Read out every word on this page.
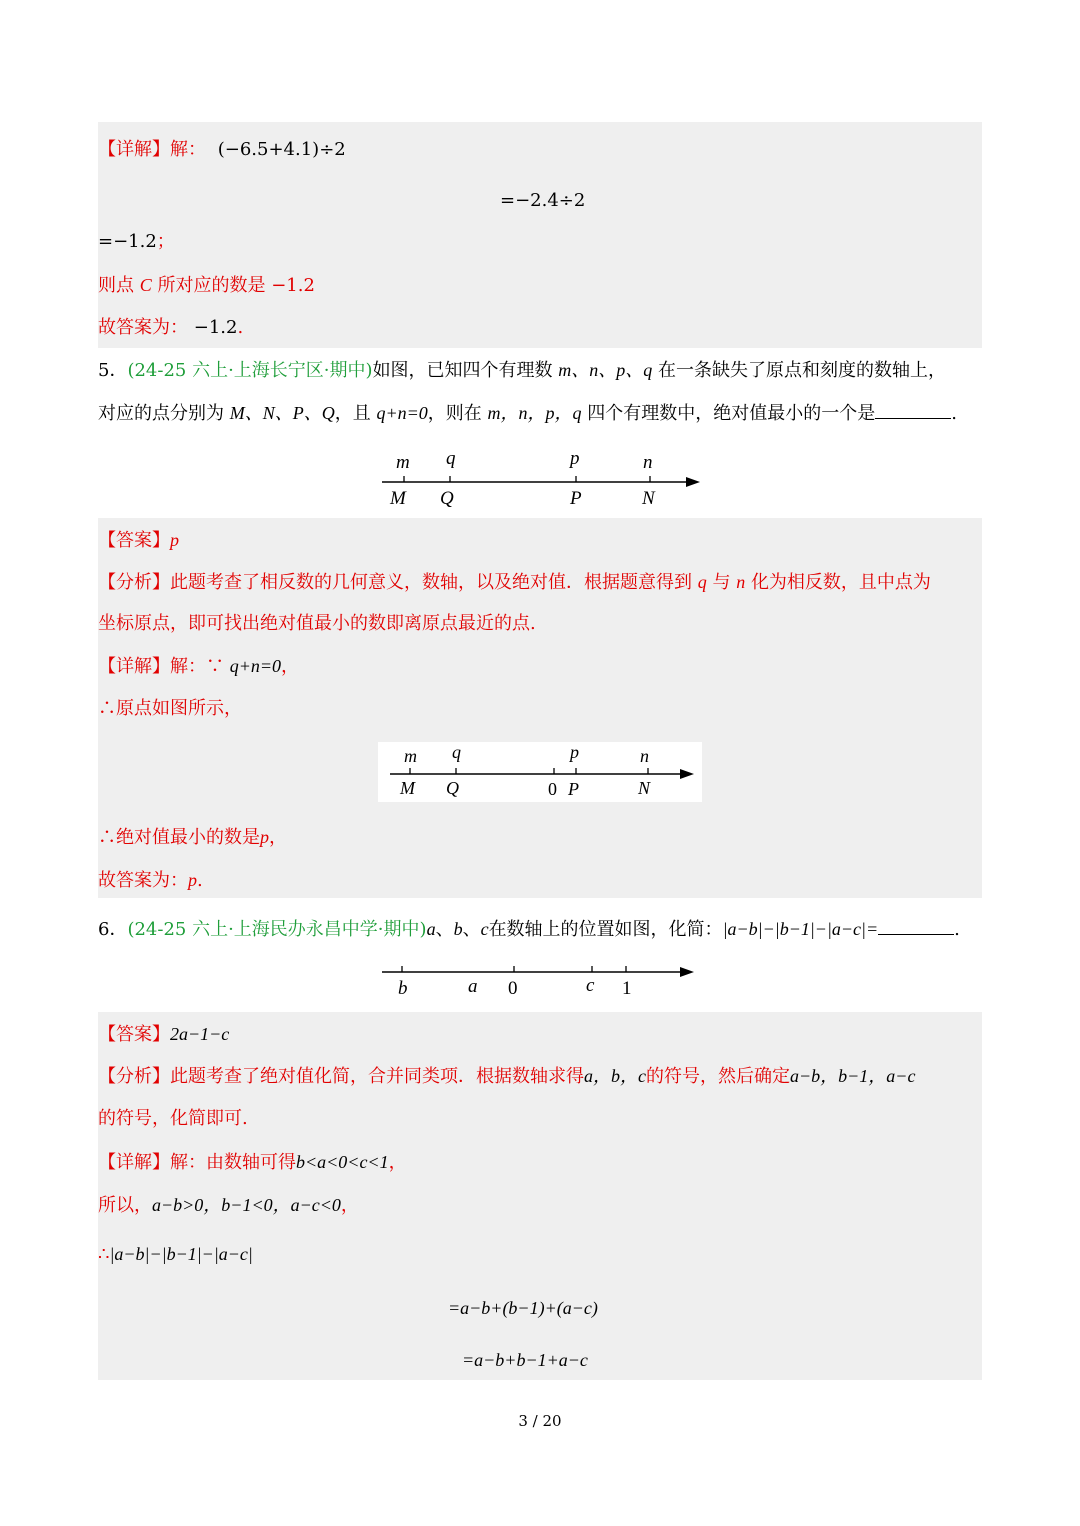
【详解】解： (−6.5+4.1)÷2
=−2.4÷2
=−1.2；
则点 C 所对应的数是 −1.2
故答案为： −1.2.
5．(24-25 六上·上海长宁区·期中)如图，已知四个有理数 m、n、p、q 在一条缺失了原点和刻度的数轴上，
对应的点分别为 M、N、P、Q，且 q+n=0，则在 m，n，p，q 四个有理数中，绝对值最小的一个是	.
m q	p	n
M Q	P	N
【答案】p
【分析】此题考查了相反数的几何意义，数轴，以及绝对值．根据题意得到 q 与 n 化为相反数，且中点为
坐标原点，即可找出绝对值最小的数即离原点最近的点.
【详解】解：∵ q+n=0，
∴原点如图所示，
m q	p	n
M Q	0 P	N
∴绝对值最小的数是p，
故答案为：p.
6．(24-25 六上·上海民办永昌中学·期中)a、b、c在数轴上的位置如图，化简：|a−b|−|b−1|−|a−c|=	.
b	a 0	c 1
【答案】2a−1−c
【分析】此题考查了绝对值化简，合并同类项．根据数轴求得a，b，c的符号，然后确定a−b，b−1，a−c
的符号，化简即可.
【详解】解：由数轴可得b<a<0<c<1，
所以，a−b>0，b−1<0，a−c<0，
∴|a−b|−|b−1|−|a−c|
=a−b+(b−1)+(a−c)
=a−b+b−1+a−c
3 / 20
